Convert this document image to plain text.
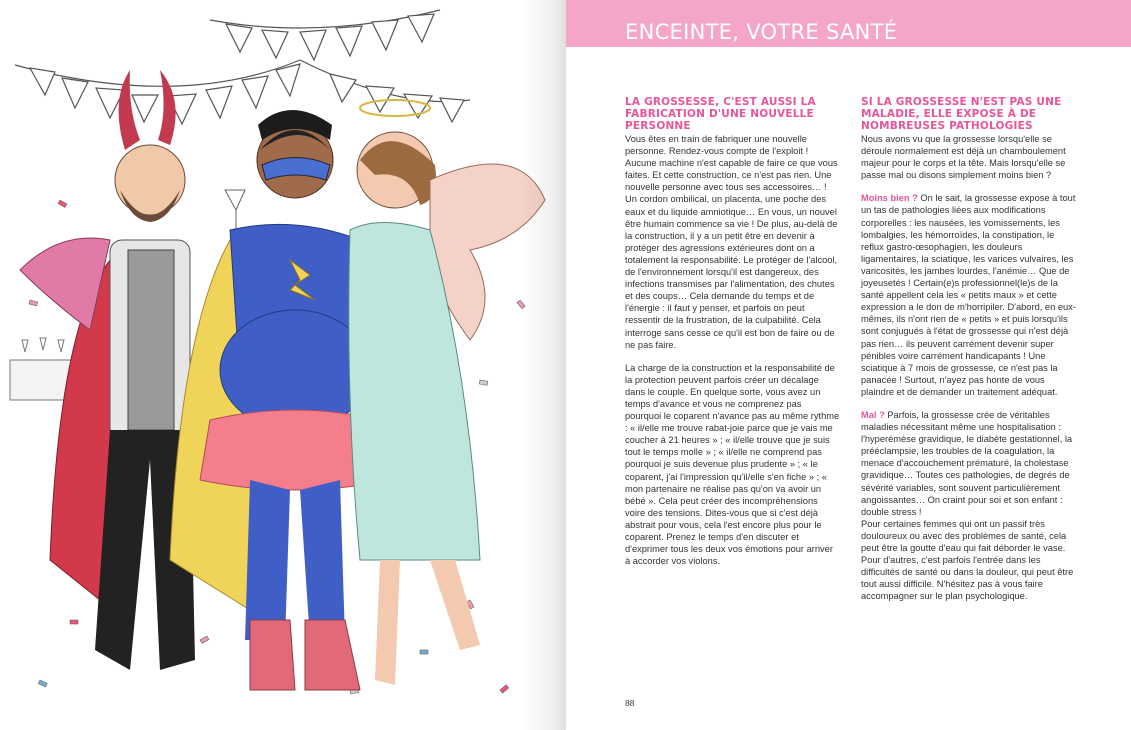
ENCEINTE, VOTRE SANTÉ
LA GROSSESSE, C'EST AUSSI LA FABRICATION D'UNE NOUVELLE PERSONNE

Vous êtes en train de fabriquer une nouvelle personne. Rendez-vous compte de l'exploit ! Aucune machine n'est capable de faire ce que vous faites. Et cette construction, ce n'est pas rien. Une nouvelle personne avec tous ses accessoires… ! Un cordon ombilical, un placenta, une poche des eaux et du liquide amniotique… En vous, un nouvel être humain commence sa vie ! De plus, au-delà de la construction, il y a un petit être en devenir à protéger des agressions extérieures dont on a totalement la responsabilité. Le protéger de l'alcool, de l'environnement lorsqu'il est dangereux, des infections transmises par l'alimentation, des chutes et des coups… Cela demande du temps et de l'énergie : il faut y penser, et parfois on peut ressentir de la frustration, de la culpabilité. Cela interroge sans cesse ce qu'il est bon de faire ou de ne pas faire.

La charge de la construction et la responsabilité de la protection peuvent parfois créer un décalage dans le couple. En quelque sorte, vous avez un temps d'avance et vous ne comprenez pas pourquoi le coparent n'avance pas au même rythme : « il/elle me trouve rabat-joie parce que je vais me coucher à 21 heures » ; « il/elle trouve que je suis tout le temps molle » ; « il/elle ne comprend pas pourquoi je suis devenue plus prudente » ; « le coparent, j'ai l'impression qu'il/elle s'en fiche » ; « mon partenaire ne réalise pas qu'on va avoir un bébé ». Cela peut créer des incompréhensions voire des tensions. Dites-vous que si c'est déjà abstrait pour vous, cela l'est encore plus pour le coparent. Prenez le temps d'en discuter et d'exprimer tous les deux vos émotions pour arriver à accorder vos violons.

SI LA GROSSESSE N'EST PAS UNE MALADIE, ELLE EXPOSE À DE NOMBREUSES PATHOLOGIES

Nous avons vu que la grossesse lorsqu'elle se déroule normalement est déjà un chamboulement majeur pour le corps et la tête. Mais lorsqu'elle se passe mal ou disons simplement moins bien ?

Moins bien ? On le sait, la grossesse expose à tout un tas de pathologies liées aux modifications corporelles : les nausées, les vomissements, les lombalgies, les hémorroïdes, la constipation, le reflux gastro-œsophagien, les douleurs ligamentaires, la sciatique, les varices vulvaires, les varicosités, les jambes lourdes, l'anémie… Que de joyeusetés ! Certain(e)s professionnel(le)s de la santé appellent cela les « petits maux » et cette expression a le don de m'horripiler. D'abord, en eux-mêmes, ils n'ont rien de « petits » et puis lorsqu'ils sont conjugués à l'état de grossesse qui n'est déjà pas rien… ils peuvent carrément devenir super pénibles voire carrément handicapants ! Une sciatique à 7 mois de grossesse, ce n'est pas la panacée ! Surtout, n'ayez pas honte de vous plaindre et de demander un traitement adéquat.

Mal ? Parfois, la grossesse crée de véritables maladies nécessitant même une hospitalisation : l'hyperémèse gravidique, le diabète gestationnel, la prééclampsie, les troubles de la coagulation, la menace d'accouchement prématuré, la cholestase gravidique… Toutes ces pathologies, de degrés de sévérité variables, sont souvent particulièrement angoissantes… On craint pour soi et son enfant : double stress !

Pour certaines femmes qui ont un passif très douloureux ou avec des problèmes de santé, cela peut être la goutte d'eau qui fait déborder le vase. Pour d'autres, c'est parfois l'entrée dans les difficultés de santé ou dans la douleur, qui peut être tout aussi difficile. N'hésitez pas à vous faire accompagner sur le plan psychologique.

88
